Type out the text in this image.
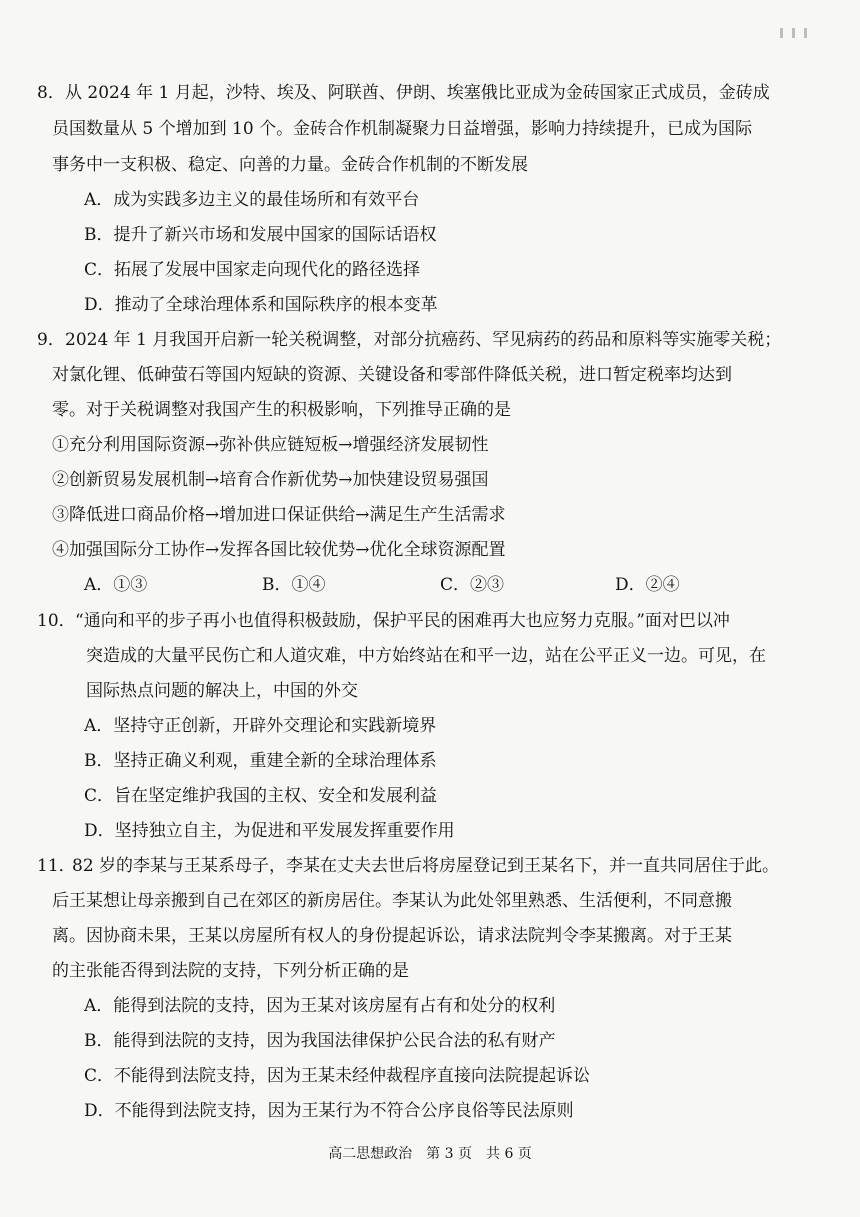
8． 从 2024 年 1 月起，沙特、埃及、阿联酋、伊朗、埃塞俄比亚成为金砖国家正式成员，金砖成
员国数量从 5 个增加到 10 个。金砖合作机制凝聚力日益增强，影响力持续提升，已成为国际
事务中一支积极、稳定、向善的力量。金砖合作机制的不断发展
A．成为实践多边主义的最佳场所和有效平台
B．提升了新兴市场和发展中国家的国际话语权
C．拓展了发展中国家走向现代化的路径选择
D．推动了全球治理体系和国际秩序的根本变革
9． 2024 年 1 月我国开启新一轮关税调整，对部分抗癌药、罕见病药的药品和原料等实施零关税；
对氯化锂、低砷萤石等国内短缺的资源、关键设备和零部件降低关税，进口暂定税率均达到
零。对于关税调整对我国产生的积极影响，下列推导正确的是
①充分利用国际资源→弥补供应链短板→增强经济发展韧性
②创新贸易发展机制→培育合作新优势→加快建设贸易强国
③降低进口商品价格→增加进口保证供给→满足生产生活需求
④加强国际分工协作→发挥各国比较优势→优化全球资源配置
A．①③	B．①④	C．②③	D．②④
10． “通向和平的步子再小也值得积极鼓励，保护平民的困难再大也应努力克服。”面对巴以冲
突造成的大量平民伤亡和人道灾难，中方始终站在和平一边，站在公平正义一边。可见，在
国际热点问题的解决上，中国的外交
A．坚持守正创新，开辟外交理论和实践新境界
B．坚持正确义利观，重建全新的全球治理体系
C．旨在坚定维护我国的主权、安全和发展利益
D．坚持独立自主，为促进和平发展发挥重要作用
11．
82 岁的李某与王某系母子，李某在丈夫去世后将房屋登记到王某名下，并一直共同居住于此。
后王某想让母亲搬到自己在郊区的新房居住。李某认为此处邻里熟悉、生活便利，不同意搬
离。因协商未果，王某以房屋所有权人的身份提起诉讼，请求法院判令李某搬离。对于王某
的主张能否得到法院的支持，下列分析正确的是
A．能得到法院的支持，因为王某对该房屋有占有和处分的权利
B．能得到法院的支持，因为我国法律保护公民合法的私有财产
C．不能得到法院支持，因为王某未经仲裁程序直接向法院提起诉讼
D．不能得到法院支持，因为王某行为不符合公序良俗等民法原则
高二思想政治　第 3 页　共 6 页
